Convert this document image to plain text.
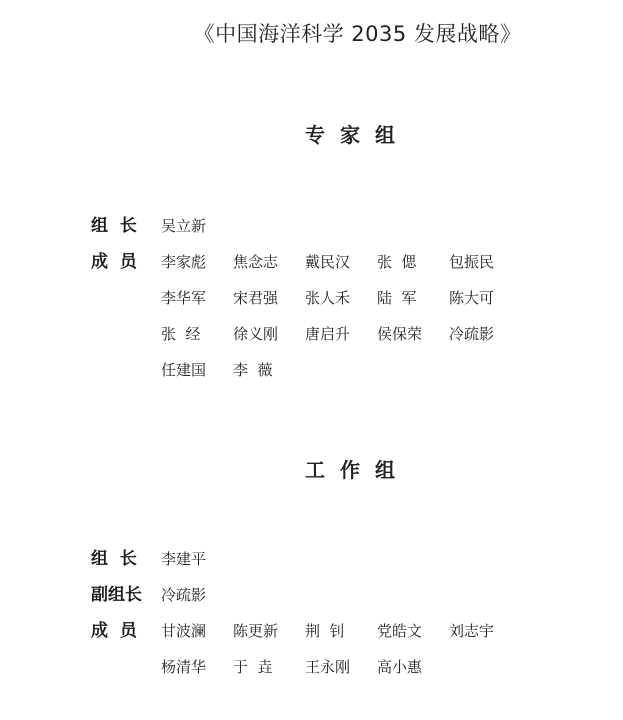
《中国海洋科学 2035 发展战略》
专家组
组  长	吴立新
成  员	李家彪	焦念志	戴民汉	张  偲	包振民
李华军	宋君强	张人禾	陆  军	陈大可
张  经	徐义刚	唐启升	侯保荣	冷疏影
任建国	李  薇
工作组
组  长	李建平
副组长	冷疏影
成  员	甘波澜	陈更新	荆  钊	党皓文	刘志宇
杨清华	于  垚	王永刚	高小惠
